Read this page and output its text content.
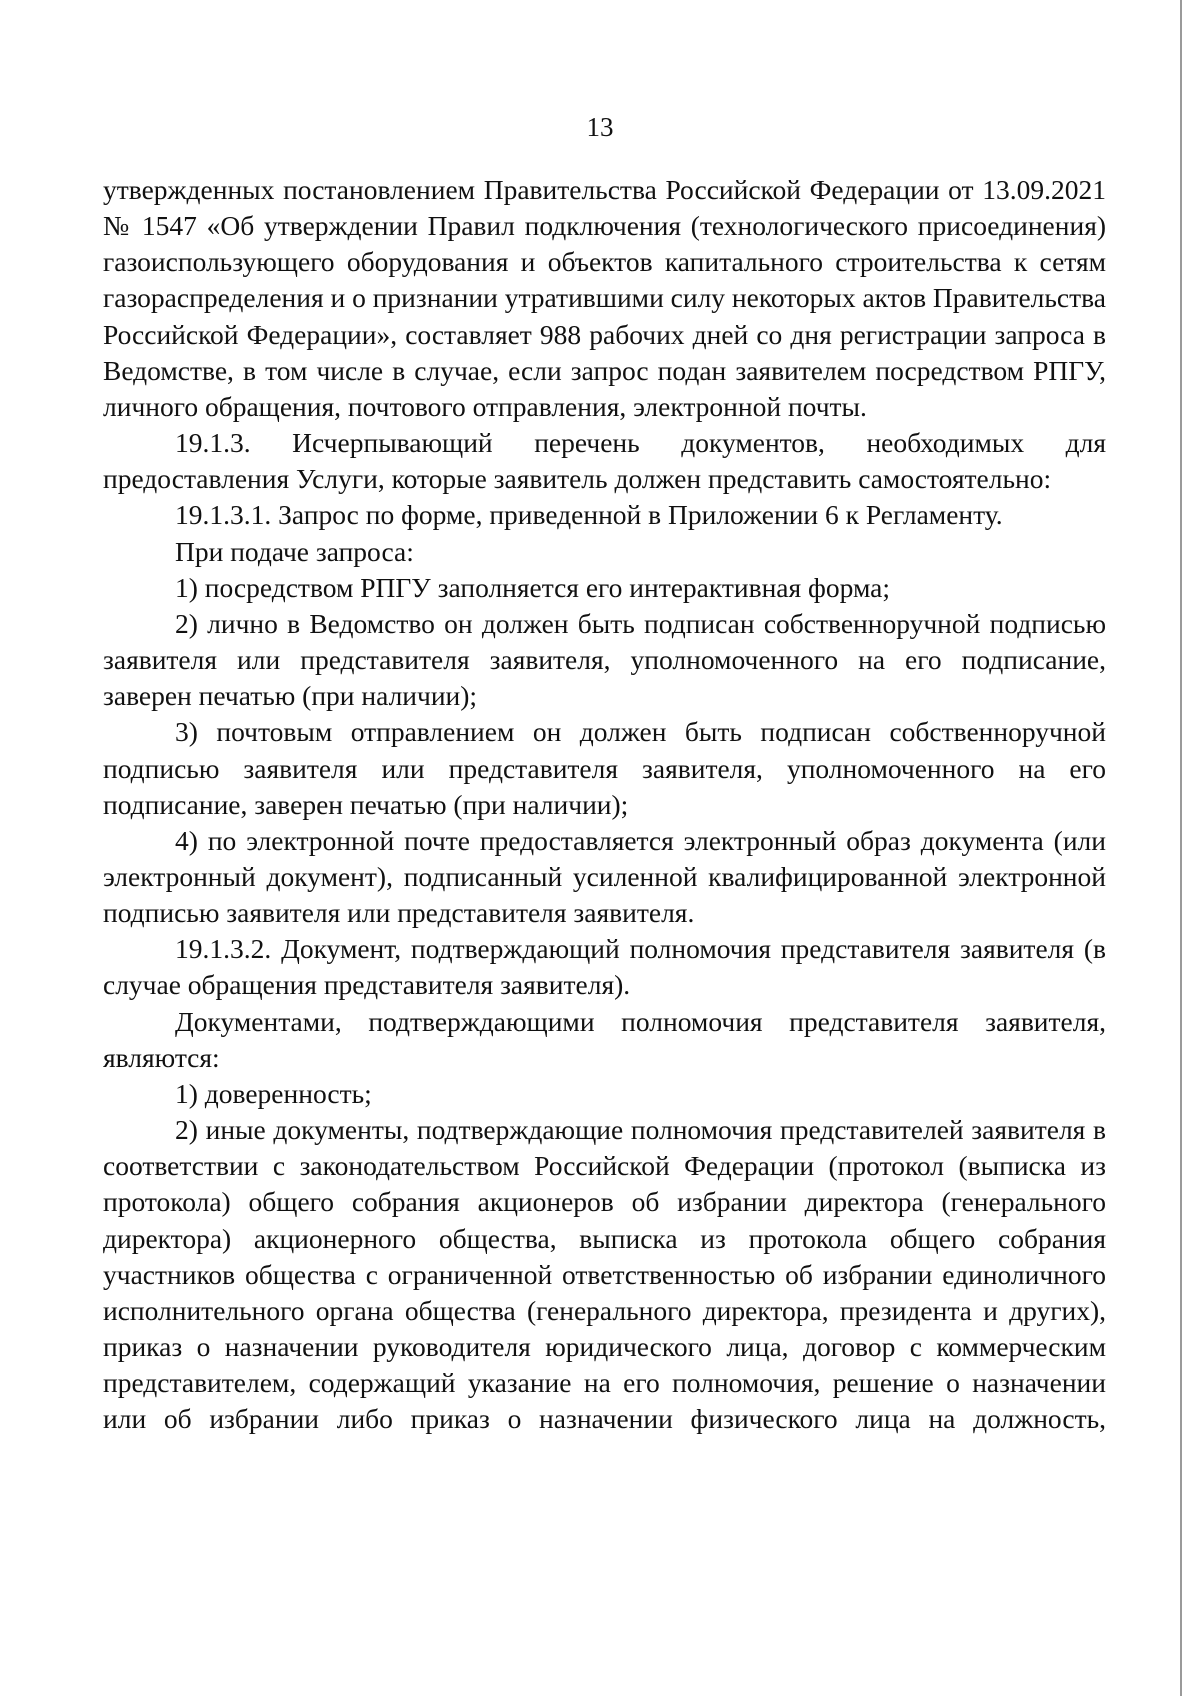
13

утвержденных постановлением Правительства Российской Федерации от 13.09.2021 № 1547 «Об утверждении Правил подключения (технологического присоединения) газоиспользующего оборудования и объектов капитального строительства к сетям газораспределения и о признании утратившими силу некоторых актов Правительства Российской Федерации», составляет 988 рабочих дней со дня регистрации запроса в Ведомстве, в том числе в случае, если запрос подан заявителем посредством РПГУ, личного обращения, почтового отправления, электронной почты.

19.1.3. Исчерпывающий перечень документов, необходимых для предоставления Услуги, которые заявитель должен представить самостоятельно:

19.1.3.1. Запрос по форме, приведенной в Приложении 6 к Регламенту.

При подаче запроса:

1) посредством РПГУ заполняется его интерактивная форма;

2) лично в Ведомство он должен быть подписан собственноручной подписью заявителя или представителя заявителя, уполномоченного на его подписание, заверен печатью (при наличии);

3) почтовым отправлением он должен быть подписан собственноручной подписью заявителя или представителя заявителя, уполномоченного на его подписание, заверен печатью (при наличии);

4) по электронной почте предоставляется электронный образ документа (или электронный документ), подписанный усиленной квалифицированной электронной подписью заявителя или представителя заявителя.

19.1.3.2. Документ, подтверждающий полномочия представителя заявителя (в случае обращения представителя заявителя).

Документами, подтверждающими полномочия представителя заявителя, являются:

1) доверенность;

2) иные документы, подтверждающие полномочия представителей заявителя в соответствии с законодательством Российской Федерации (протокол (выписка из протокола) общего собрания акционеров об избрании директора (генерального директора) акционерного общества, выписка из протокола общего собрания участников общества с ограниченной ответственностью об избрании единоличного исполнительного органа общества (генерального директора, президента и других), приказ о назначении руководителя юридического лица, договор с коммерческим представителем, содержащий указание на его полномочия, решение о назначении или об избрании либо приказ о назначении физического лица на должность,
